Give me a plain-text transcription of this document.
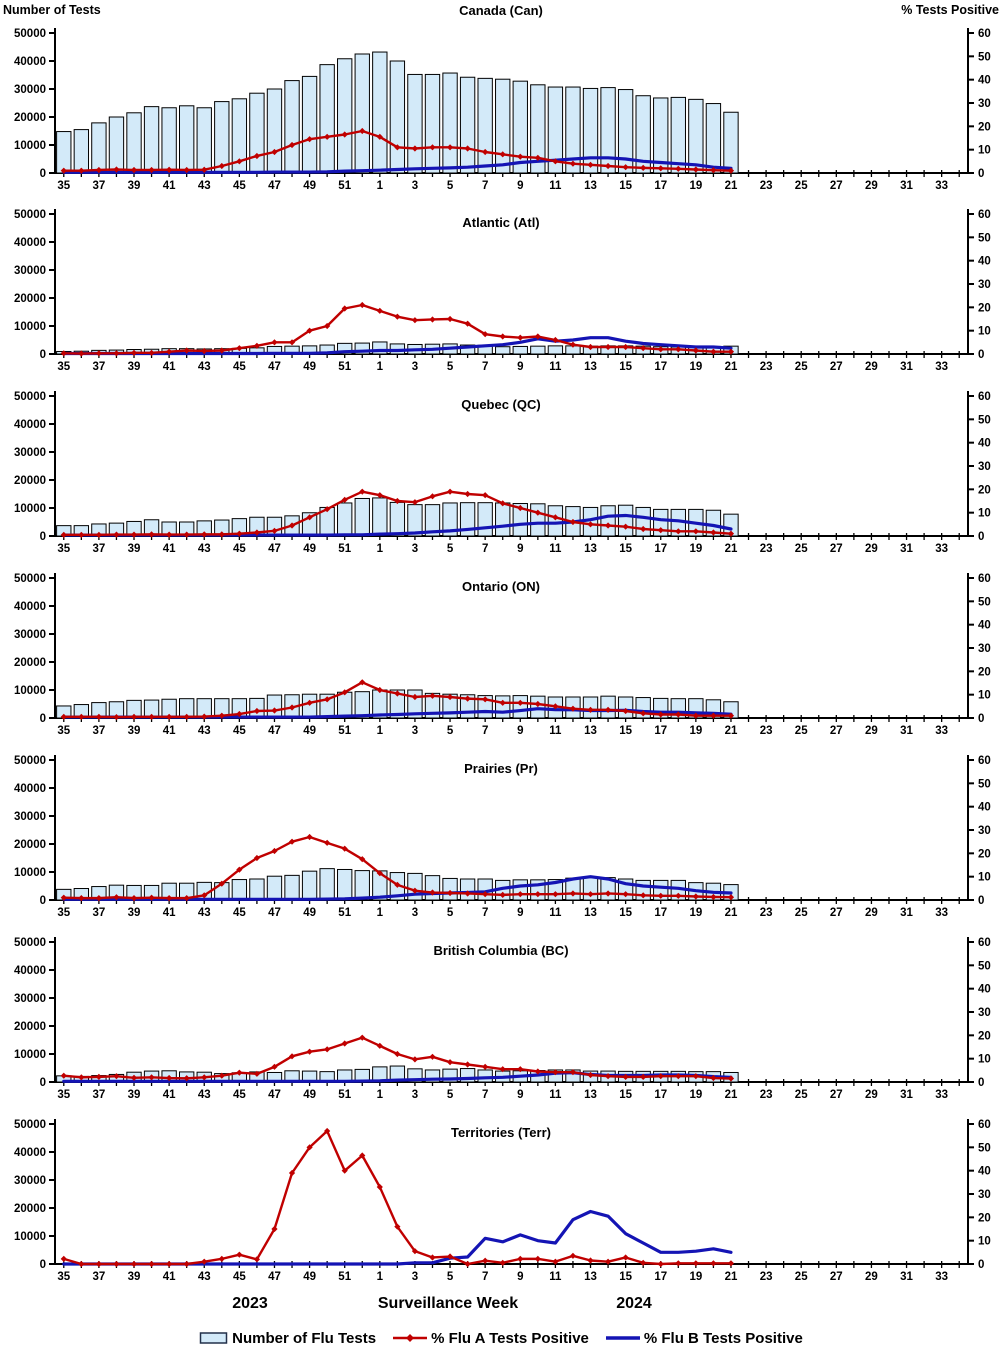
Number of Tests	% Tests Positive
Canada (Can)
0
10000
20000
30000
40000
50000
0
10
20
30
40
50
60
35 37 39 41 43 45 47 49 51 1 3 5 7 9 11 13 15 17 19 21 23 25 27 29 31 33
Atlantic (Atl)
0
10000
20000
30000
40000
50000
0
10
20
30
40
50
60
35 37 39 41 43 45 47 49 51 1 3 5 7 9 11 13 15 17 19 21 23 25 27 29 31 33
Quebec (QC)
0
10000
20000
30000
40000
50000
0
10
20
30
40
50
60
35 37 39 41 43 45 47 49 51 1 3 5 7 9 11 13 15 17 19 21 23 25 27 29 31 33
Ontario (ON)
0
10000
20000
30000
40000
50000
0
10
20
30
40
50
60
35 37 39 41 43 45 47 49 51 1 3 5 7 9 11 13 15 17 19 21 23 25 27 29 31 33
Prairies (Pr)
0
10000
20000
30000
40000
50000
0
10
20
30
40
50
60
35 37 39 41 43 45 47 49 51 1 3 5 7 9 11 13 15 17 19 21 23 25 27 29 31 33
British Columbia (BC)
0
10000
20000
30000
40000
50000
0
10
20
30
40
50
60
35 37 39 41 43 45 47 49 51 1 3 5 7 9 11 13 15 17 19 21 23 25 27 29 31 33
Territories (Terr)
0
10000
20000
30000
40000
50000
0
10
20
30
40
50
60
35 37 39 41 43 45 47 49 51 1 3 5 7 9 11 13 15 17 19 21 23 25 27 29 31 33
2023	Surveillance Week	2024
Number of Flu Tests	% Flu A Tests Positive	% Flu B Tests Positive
